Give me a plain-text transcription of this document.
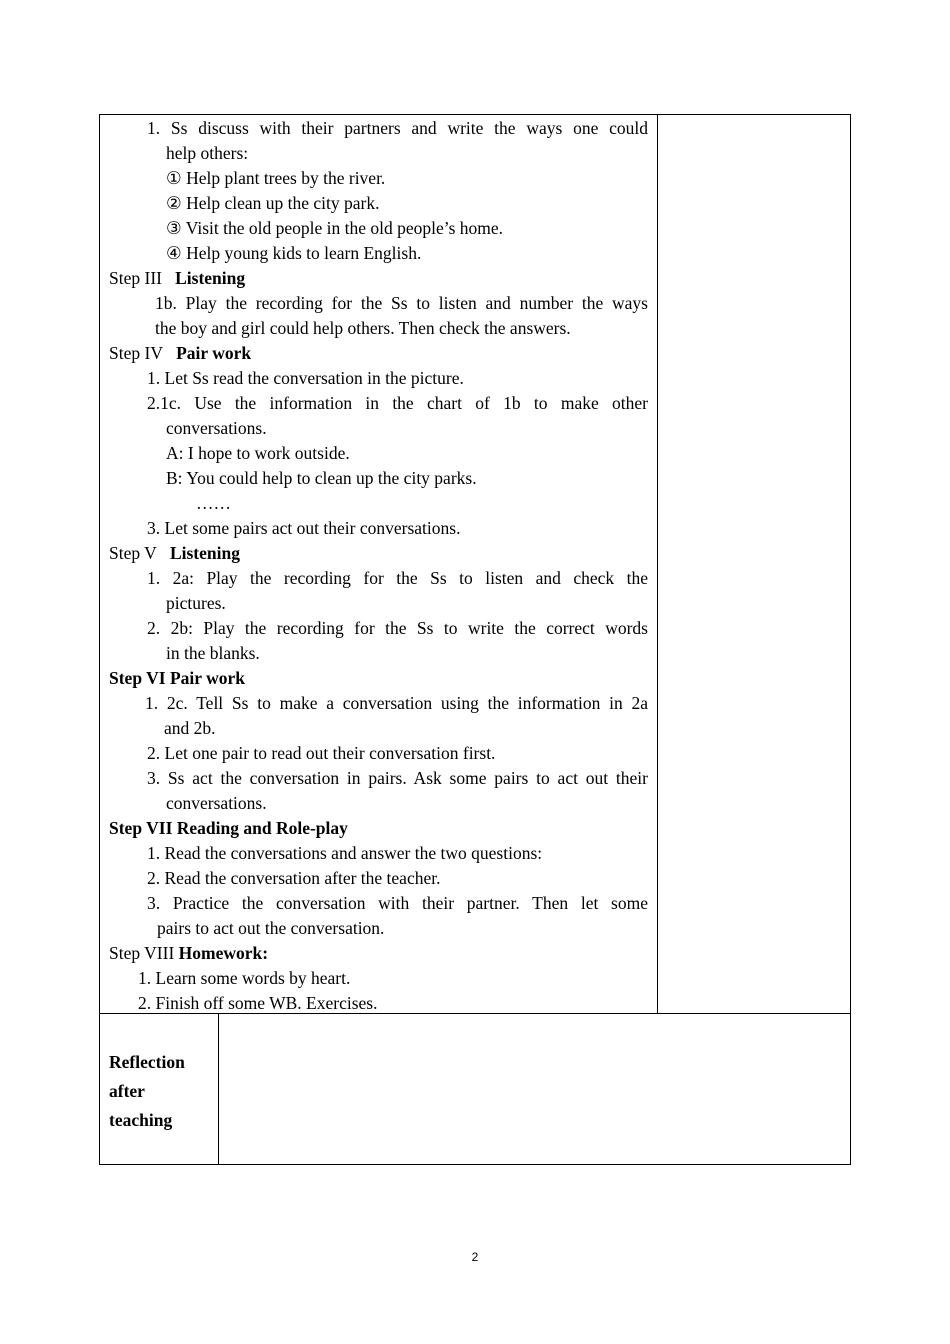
1. Ss discuss with their partners and write the ways one could
help others:
① Help plant trees by the river.
② Help clean up the city park.
③ Visit the old people in the old people’s home.
④ Help young kids to learn English.
Step III Listening
1b. Play the recording for the Ss to listen and number the ways
the boy and girl could help others. Then check the answers.
Step IV Pair work
1. Let Ss read the conversation in the picture.
2.1c. Use the information in the chart of 1b to make other
conversations.
A: I hope to work outside.
B: You could help to clean up the city parks.
……
3. Let some pairs act out their conversations.
Step V Listening
1. 2a: Play the recording for the Ss to listen and check the
pictures.
2. 2b: Play the recording for the Ss to write the correct words
in the blanks.
Step VI Pair work
1. 2c. Tell Ss to make a conversation using the information in 2a
and 2b.
2. Let one pair to read out their conversation first.
3. Ss act the conversation in pairs. Ask some pairs to act out their
conversations.
Step VII Reading and Role-play
1. Read the conversations and answer the two questions:
2. Read the conversation after the teacher.
3. Practice the conversation with their partner. Then let some
pairs to act out the conversation.
Step VIII Homework:
1. Learn some words by heart.
2. Finish off some WB. Exercises.
Reflection
after
teaching
2
